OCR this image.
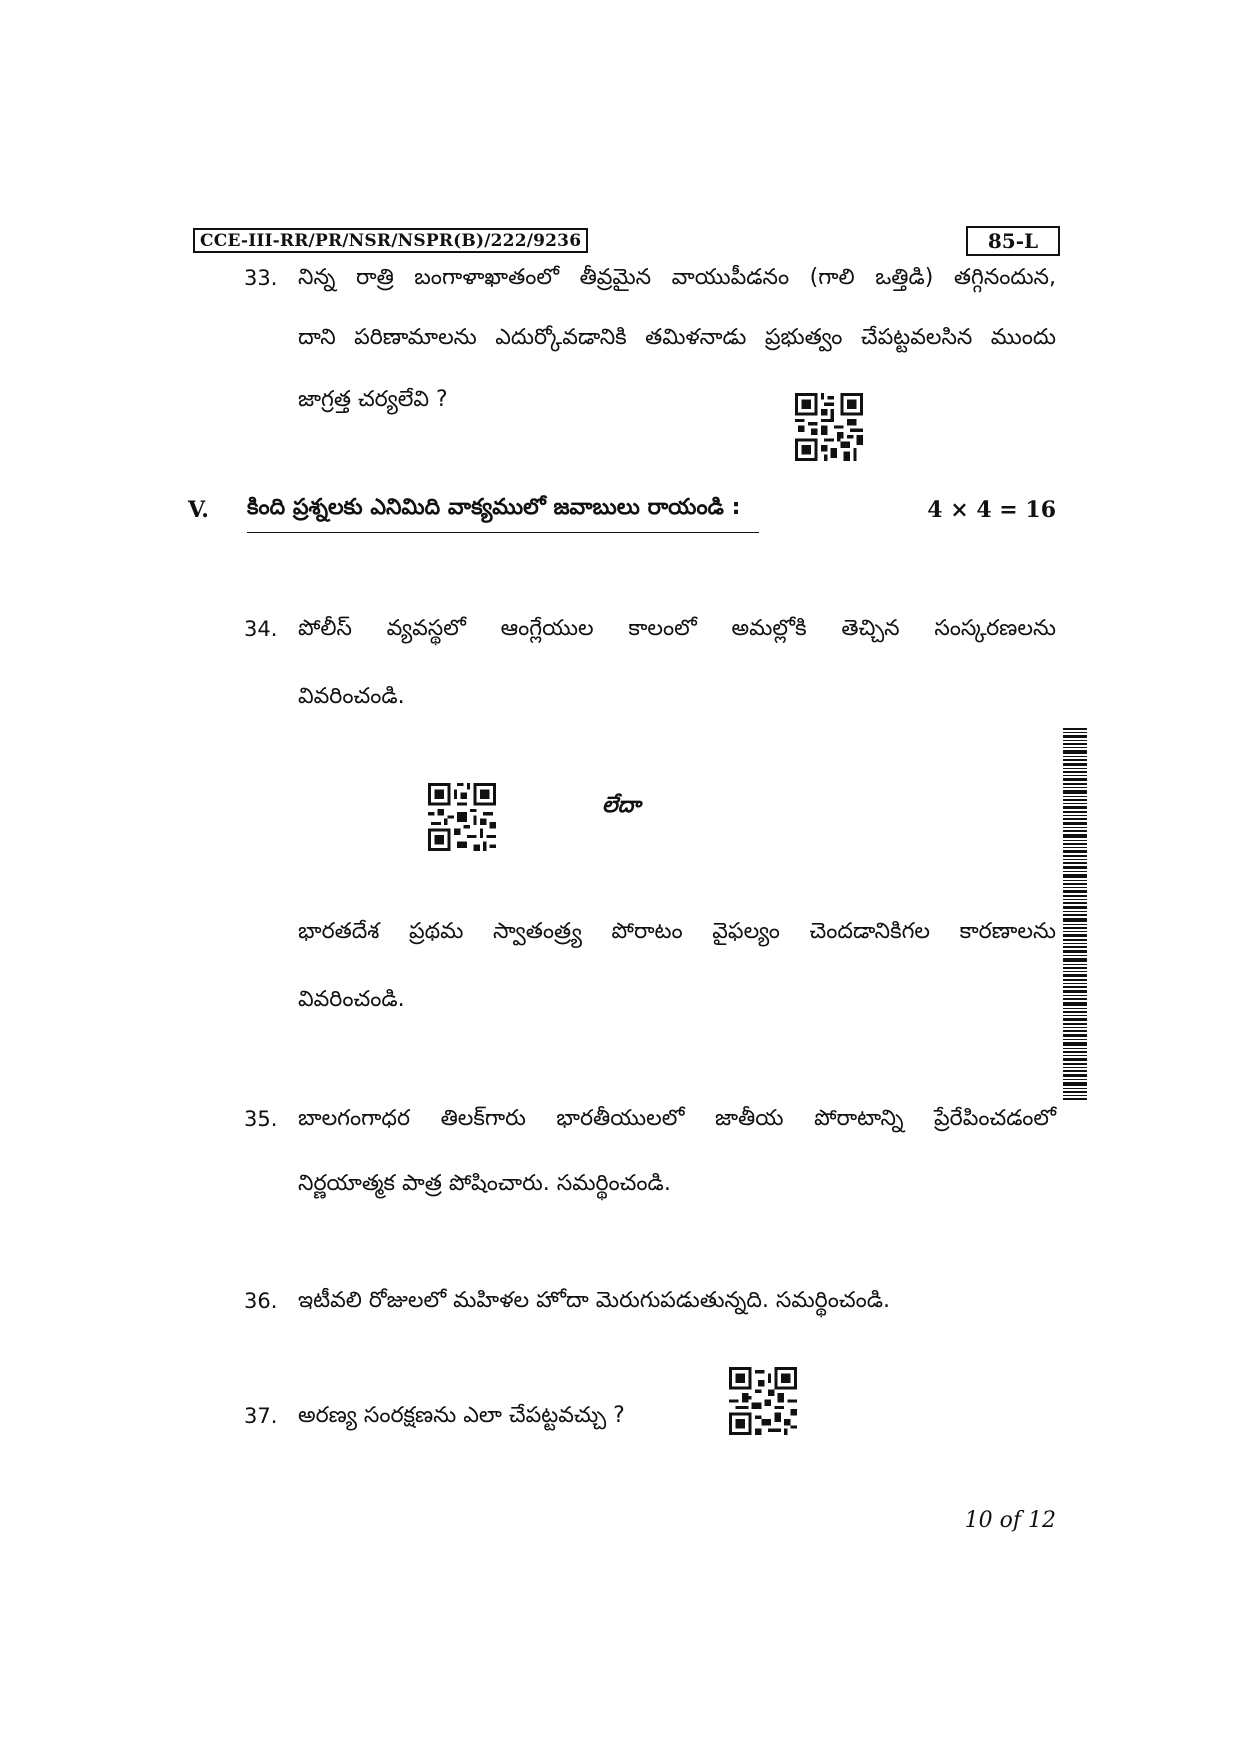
CCE-III-RR/PR/NSR/NSPR(B)/222/9236	85-L
33. నిన్న రాత్రి బంగాళాఖాతంలో తీవ్రమైన వాయుపీడనం (గాలి ఒత్తిడి) తగ్గినందున,
దాని పరిణామాలను ఎదుర్కోవడానికి తమిళనాడు ప్రభుత్వం చేపట్టవలసిన ముందు
జాగ్రత్త చర్యలేవి ?
V. కింది ప్రశ్నలకు ఎనిమిది వాక్యములో జవాబులు రాయండి :	4 × 4 = 16
34. పోలీస్ వ్యవస్థలో ఆంగ్లేయుల కాలంలో అమల్లోకి తెచ్చిన సంస్కరణలను
వివరించండి.
లేదా
భారతదేశ ప్రథమ స్వాతంత్ర్య పోరాటం వైఫల్యం చెందడానికిగల కారణాలను
వివరించండి.
35. బాలగంగాధర తిలక్‌గారు భారతీయులలో జాతీయ పోరాటాన్ని ప్రేరేపించడంలో
నిర్ణయాత్మక పాత్ర పోషించారు. సమర్థించండి.
36. ఇటీవలి రోజులలో మహిళల హోదా మెరుగుపడుతున్నది. సమర్థించండి.
37. అరణ్య సంరక్షణను ఎలా చేపట్టవచ్చు ?
10 of 12
